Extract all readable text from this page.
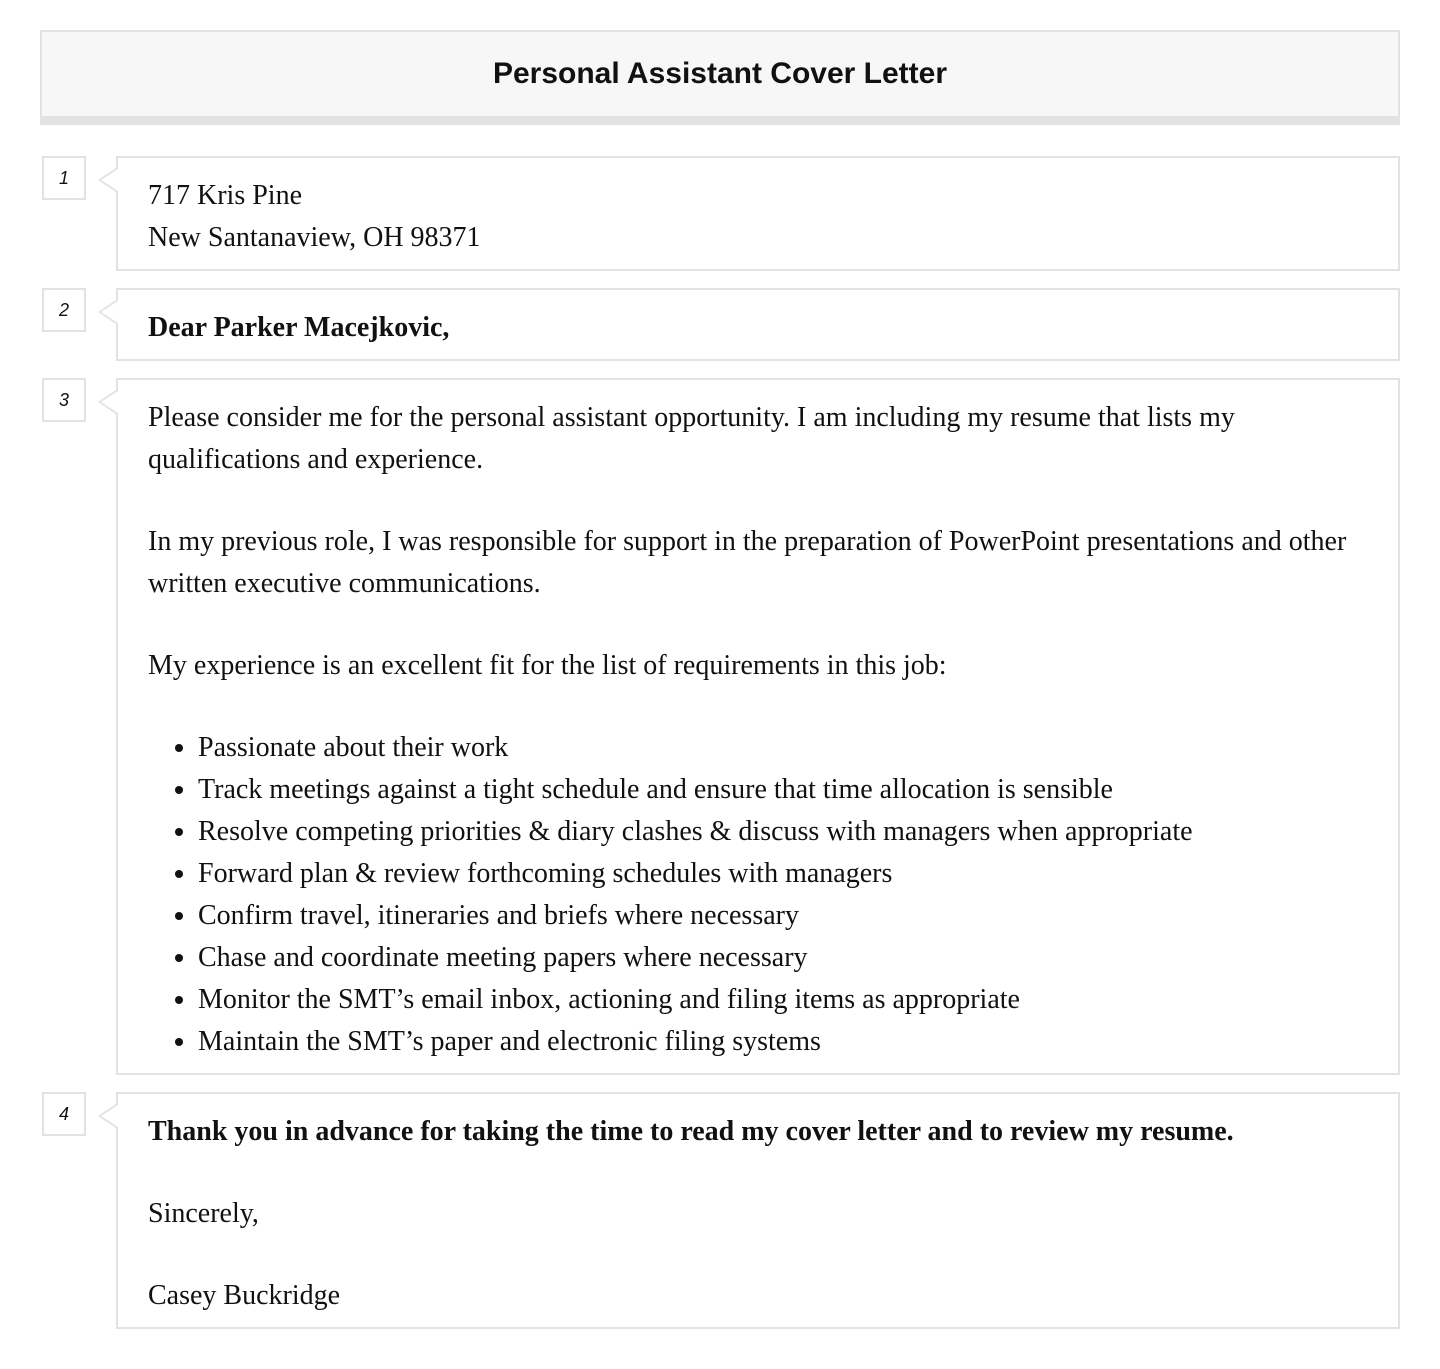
Personal Assistant Cover Letter
1

717 Kris Pine

New Santanaview, OH 98371

2

Dear Parker Macejkovic,

3

Please consider me for the personal assistant opportunity. I am including my resume that lists my qualifications and experience.

In my previous role, I was responsible for support in the preparation of PowerPoint presentations and other written executive communications.

My experience is an excellent fit for the list of requirements in this job:

• Passionate about their work
• Track meetings against a tight schedule and ensure that time allocation is sensible
• Resolve competing priorities & diary clashes & discuss with managers when appropriate
• Forward plan & review forthcoming schedules with managers
• Confirm travel, itineraries and briefs where necessary
• Chase and coordinate meeting papers where necessary
• Monitor the SMT’s email inbox, actioning and filing items as appropriate
• Maintain the SMT’s paper and electronic filing systems
4

Thank you in advance for taking the time to read my cover letter and to review my resume.

Sincerely,

Casey Buckridge
